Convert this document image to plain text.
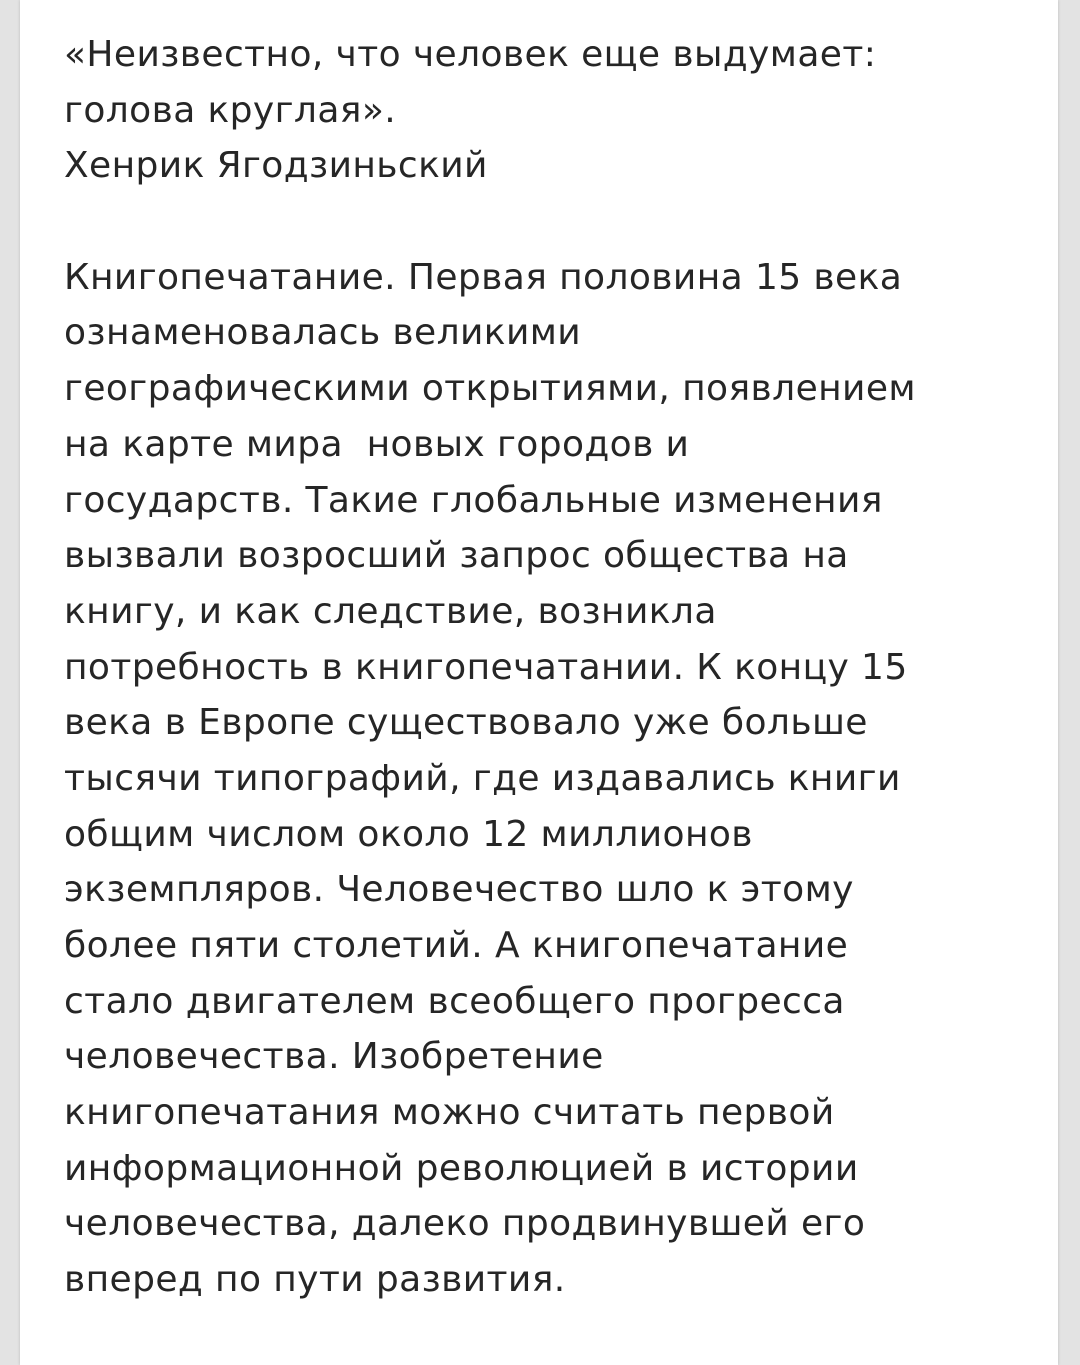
«Неизвестно, что человек еще выдумает:
голова круглая».
Хенрик Ягодзиньский
Книгопечатание. Первая половина 15 века
ознаменовалась великими
географическими открытиями, появлением
на карте мира  новых городов и
государств. Такие глобальные изменения
вызвали возросший запрос общества на
книгу, и как следствие, возникла
потребность в книгопечатании. К концу 15
века в Европе существовало уже больше
тысячи типографий, где издавались книги
общим числом около 12 миллионов
экземпляров. Человечество шло к этому
более пяти столетий. А книгопечатание
стало двигателем всеобщего прогресса
человечества. Изобретение
книгопечатания можно считать первой
информационной революцией в истории
человечества, далеко продвинувшей его
вперед по пути развития.
